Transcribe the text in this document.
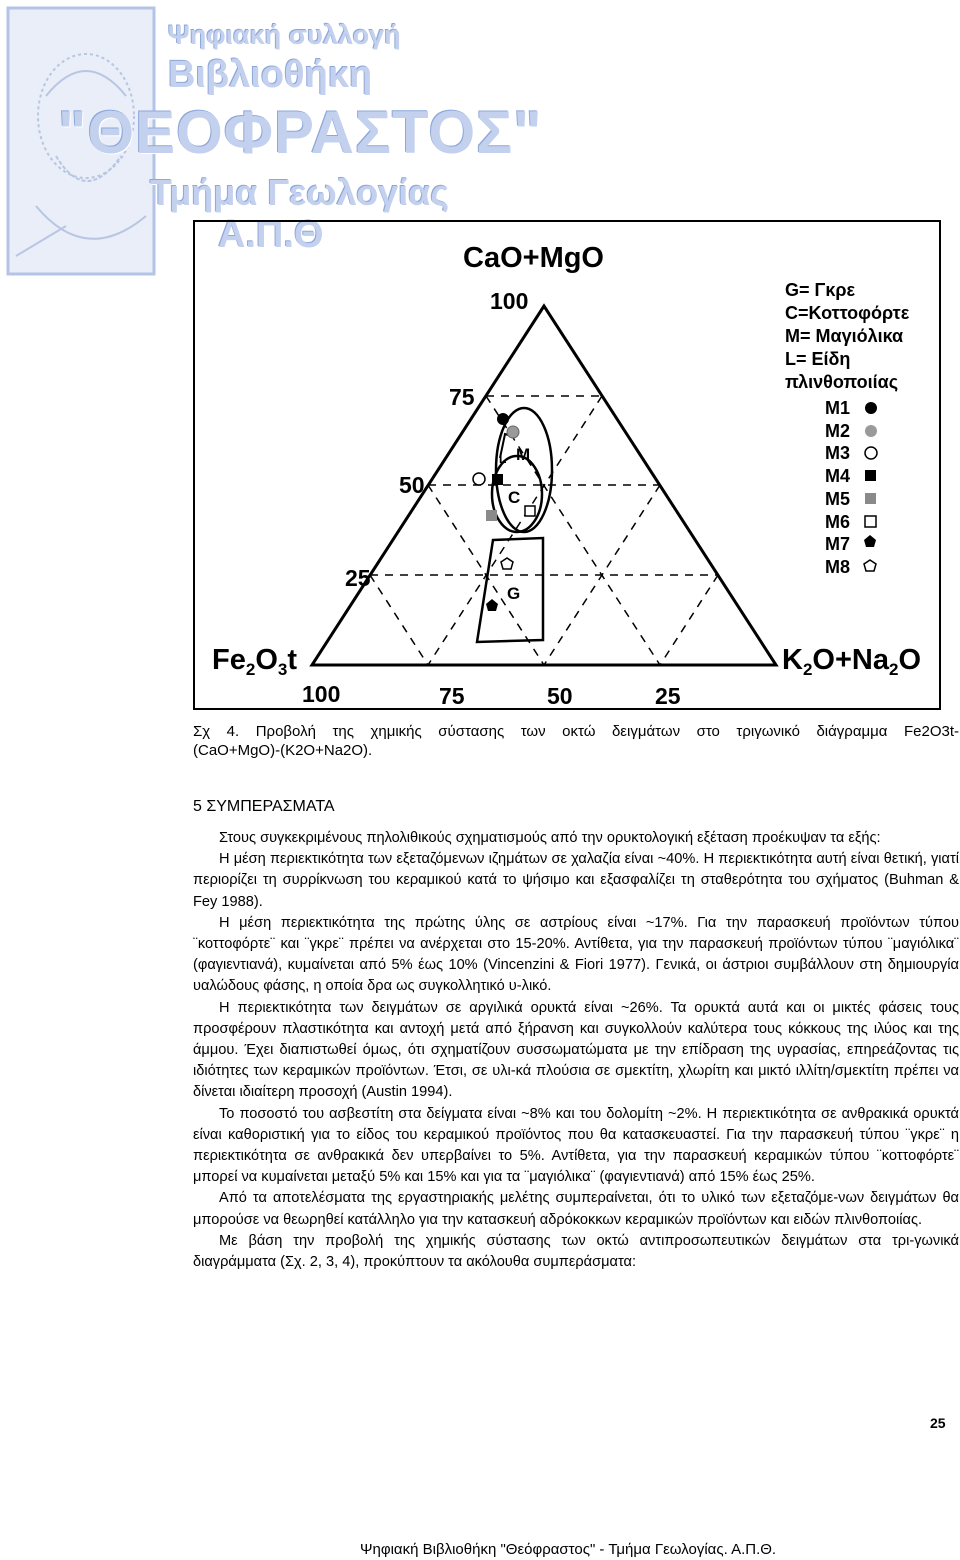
Ψηφιακή συλλογή
Βιβλιοθήκη
"ΘΕΟΦΡΑΣΤΟΣ"
Τμήμα Γεωλογίας
Α.Π.Θ
CaO+MgO
$Fe_2O_3t$	$K_2O+Na_2O$
100
75
50
25
100	75	50	25
M
C
G
L
G= Γκρε
C=Κοττοφόρτε
M= Μαγιόλικα
L= Είδη
πλινθοποιίας
M1
M2
M3
M4
M5
M6
M7
M8
Σχ 4. Προβολή της χημικής σύστασης των οκτώ δειγμάτων στο τριγωνικό διάγραμμα Fe2O3t-
(CaO+MgO)-(K2O+Na2O).
5 ΣΥΜΠΕΡΑΣΜΑΤΑ

Στους συγκεκριμένους πηλολιθικούς σχηματισμούς από την ορυκτολογική εξέταση προέκυψαν τα εξής:

Η μέση περιεκτικότητα των εξεταζόμενων ιζημάτων σε χαλαζία είναι ~40%. Η περιεκτικότητα αυτή είναι θετική, γιατί περιορίζει τη συρρίκνωση του κεραμικού κατά το ψήσιμο και εξασφαλίζει τη σταθερότητα του σχήματος (Buhman & Fey 1988).

Η μέση περιεκτικότητα της πρώτης ύλης σε αστρίους είναι ~17%. Για την παρασκευή προϊόντων τύπου ¨κοττοφόρτε¨ και ¨γκρε¨ πρέπει να ανέρχεται στο 15-20%. Αντίθετα, για την παρασκευή προϊόντων τύπου ¨μαγιόλικα¨ (φαγιεντιανά), κυμαίνεται από 5% έως 10% (Vincenzini & Fiori 1977). Γενικά, οι άστριοι συμβάλλουν στη δημιουργία υαλώδους φάσης, η οποία δρα ως συγκολλητικό υ-λικό.

Η περιεκτικότητα των δειγμάτων σε αργιλικά ορυκτά είναι ~26%. Τα ορυκτά αυτά και οι μικτές φάσεις τους προσφέρουν πλαστικότητα και αντοχή μετά από ξήρανση και συγκολλούν καλύτερα τους κόκκους της ιλύος και της άμμου. Έχει διαπιστωθεί όμως, ότι σχηματίζουν συσσωματώματα με την επίδραση της υγρασίας, επηρεάζοντας τις ιδιότητες των κεραμικών προϊόντων. Έτσι, σε υλι-κά πλούσια σε σμεκτίτη, χλωρίτη και μικτό ιλλίτη/σμεκτίτη πρέπει να δίνεται ιδιαίτερη προσοχή (Austin 1994).

Το ποσοστό του ασβεστίτη στα δείγματα είναι ~8% και του δολομίτη ~2%. Η περιεκτικότητα σε ανθρακικά ορυκτά είναι καθοριστική για το είδος του κεραμικού προϊόντος που θα κατασκευαστεί. Για την παρασκευή τύπου ¨γκρε¨ η περιεκτικότητα σε ανθρακικά δεν υπερβαίνει το 5%. Αντίθετα, για την παρασκευή κεραμικών τύπου ¨κοττοφόρτε¨ μπορεί να κυμαίνεται μεταξύ 5% και 15% και για τα ¨μαγιόλικα¨ (φαγιεντιανά) από 15% έως 25%.

Από τα αποτελέσματα της εργαστηριακής μελέτης συμπεραίνεται, ότι το υλικό των εξεταζόμε-νων δειγμάτων θα μπορούσε να θεωρηθεί κατάλληλο για την κατασκευή αδρόκοκκων κεραμικών προϊόντων και ειδών πλινθοποιίας.

Με βάση την προβολή της χημικής σύστασης των οκτώ αντιπροσωπευτικών δειγμάτων στα τρι-γωνικά διαγράμματα (Σχ. 2, 3, 4), προκύπτουν τα ακόλουθα συμπεράσματα:

25
Ψηφιακή Βιβλιοθήκη "Θεόφραστος" - Τμήμα Γεωλογίας. Α.Π.Θ.
